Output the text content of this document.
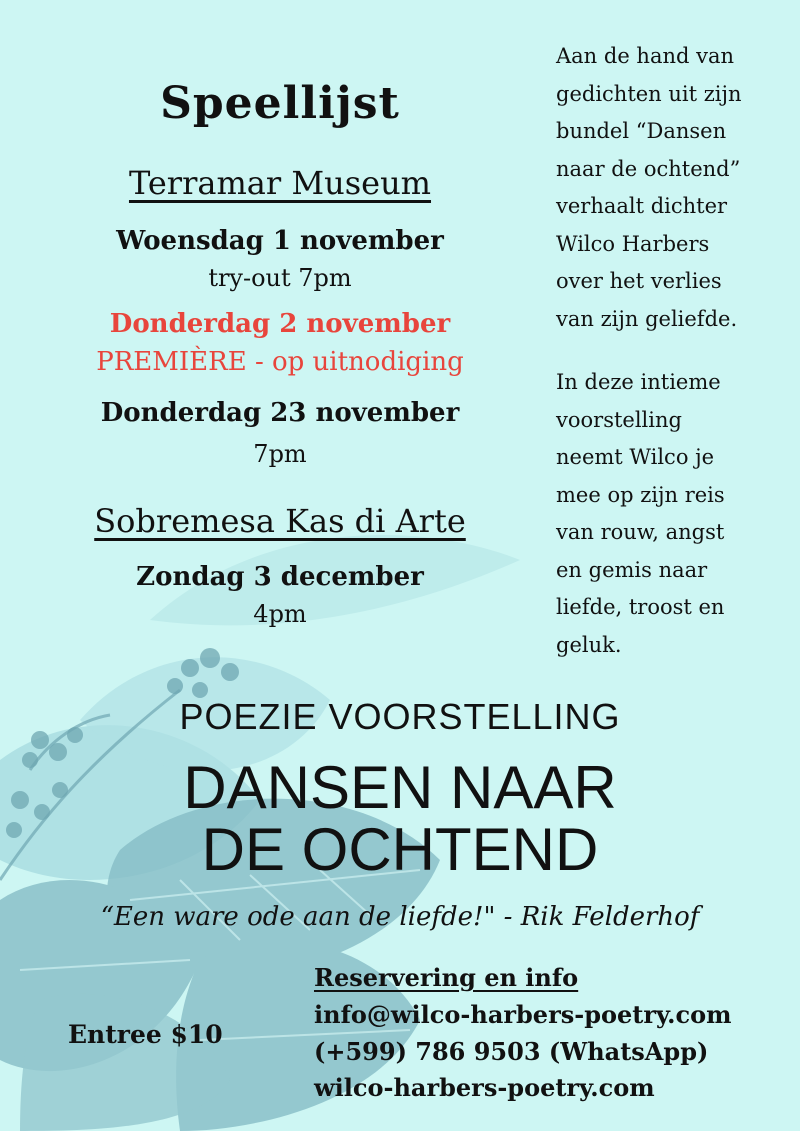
Speellijst
Terramar Museum
Woensdag 1 november
try-out 7pm
Donderdag 2 november
PREMIÈRE - op uitnodiging
Donderdag 23 november
7pm
Sobremesa Kas di Arte
Zondag 3 december
4pm
Aan de hand van
gedichten uit zijn
bundel “Dansen
naar de ochtend”
verhaalt dichter
Wilco Harbers
over het verlies
van zijn geliefde.
In deze intieme
voorstelling
neemt Wilco je
mee op zijn reis
van rouw, angst
en gemis naar
liefde, troost en
geluk.
POEZIE VOORSTELLING
DANSEN NAAR
DE OCHTEND
“Een ware ode aan de liefde!" - Rik Felderhof
Entree $10
Reservering en info
info@wilco-harbers-poetry.com
(+599) 786 9503 (WhatsApp)
wilco-harbers-poetry.com
